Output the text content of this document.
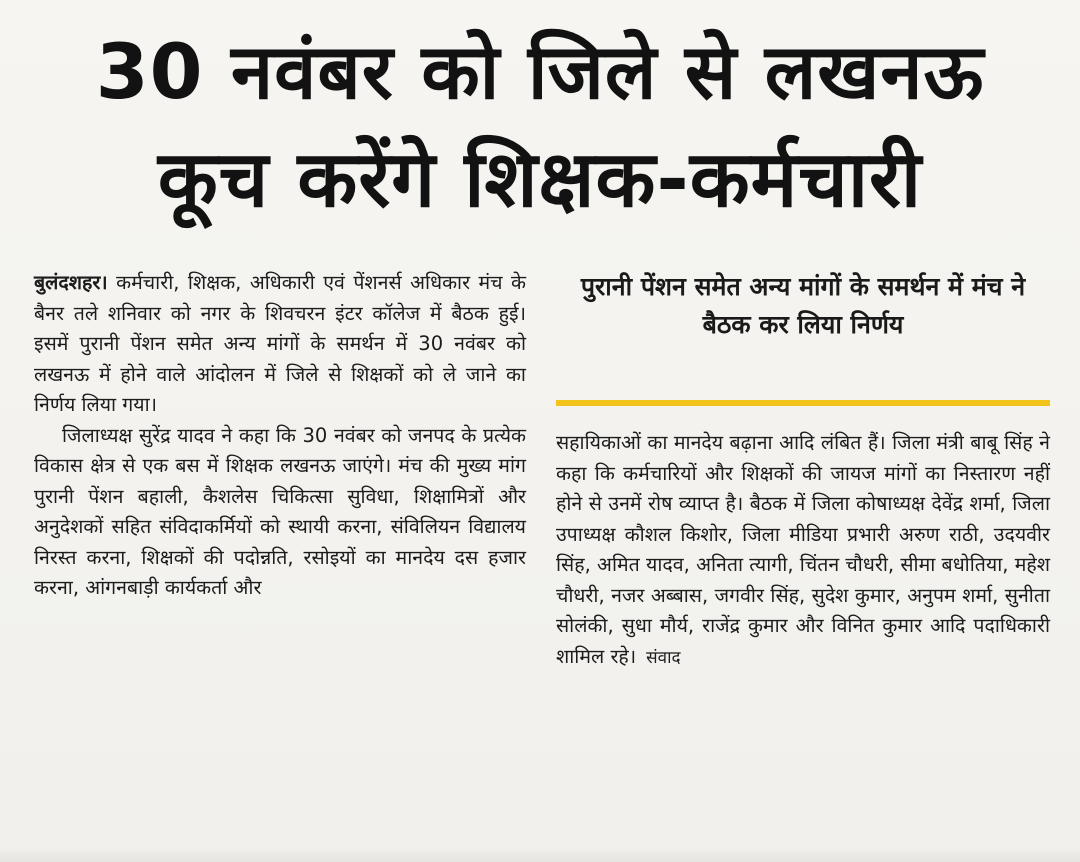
30 नवंबर को जिले से लखनऊ
कूच करेंगे शिक्षक-कर्मचारी

बुलंदशहर। कर्मचारी, शिक्षक, अधिकारी एवं पेंशनर्स अधिकार मंच के बैनर तले शनिवार को नगर के शिवचरन इंटर कॉलेज में बैठक हुई। इसमें पुरानी पेंशन समेत अन्य मांगों के समर्थन में 30 नवंबर को लखनऊ में होने वाले आंदोलन में जिले से शिक्षकों को ले जाने का निर्णय लिया गया।

जिलाध्यक्ष सुरेंद्र यादव ने कहा कि 30 नवंबर को जनपद के प्रत्येक विकास क्षेत्र से एक बस में शिक्षक लखनऊ जाएंगे। मंच की मुख्य मांग पुरानी पेंशन बहाली, कैशलेस चिकित्सा सुविधा, शिक्षामित्रों और अनुदेशकों सहित संविदाकर्मियों को स्थायी करना, संविलियन विद्यालय निरस्त करना, शिक्षकों की पदोन्नति, रसोइयों का मानदेय दस हजार करना, आंगनबाड़ी कार्यकर्ता और

पुरानी पेंशन समेत अन्य मांगों के समर्थन में मंच ने बैठक कर लिया निर्णय

सहायिकाओं का मानदेय बढ़ाना आदि लंबित हैं। जिला मंत्री बाबू सिंह ने कहा कि कर्मचारियों और शिक्षकों की जायज मांगों का निस्तारण नहीं होने से उनमें रोष व्याप्त है। बैठक में जिला कोषाध्यक्ष देवेंद्र शर्मा, जिला उपाध्यक्ष कौशल किशोर, जिला मीडिया प्रभारी अरुण राठी, उदयवीर सिंह, अमित यादव, अनिता त्यागी, चिंतन चौधरी, सीमा बधोतिया, महेश चौधरी, नजर अब्बास, जगवीर सिंह, सुदेश कुमार, अनुपम शर्मा, सुनीता सोलंकी, सुधा मौर्य, राजेंद्र कुमार और विनित कुमार आदि पदाधिकारी शामिल रहे। संवाद
